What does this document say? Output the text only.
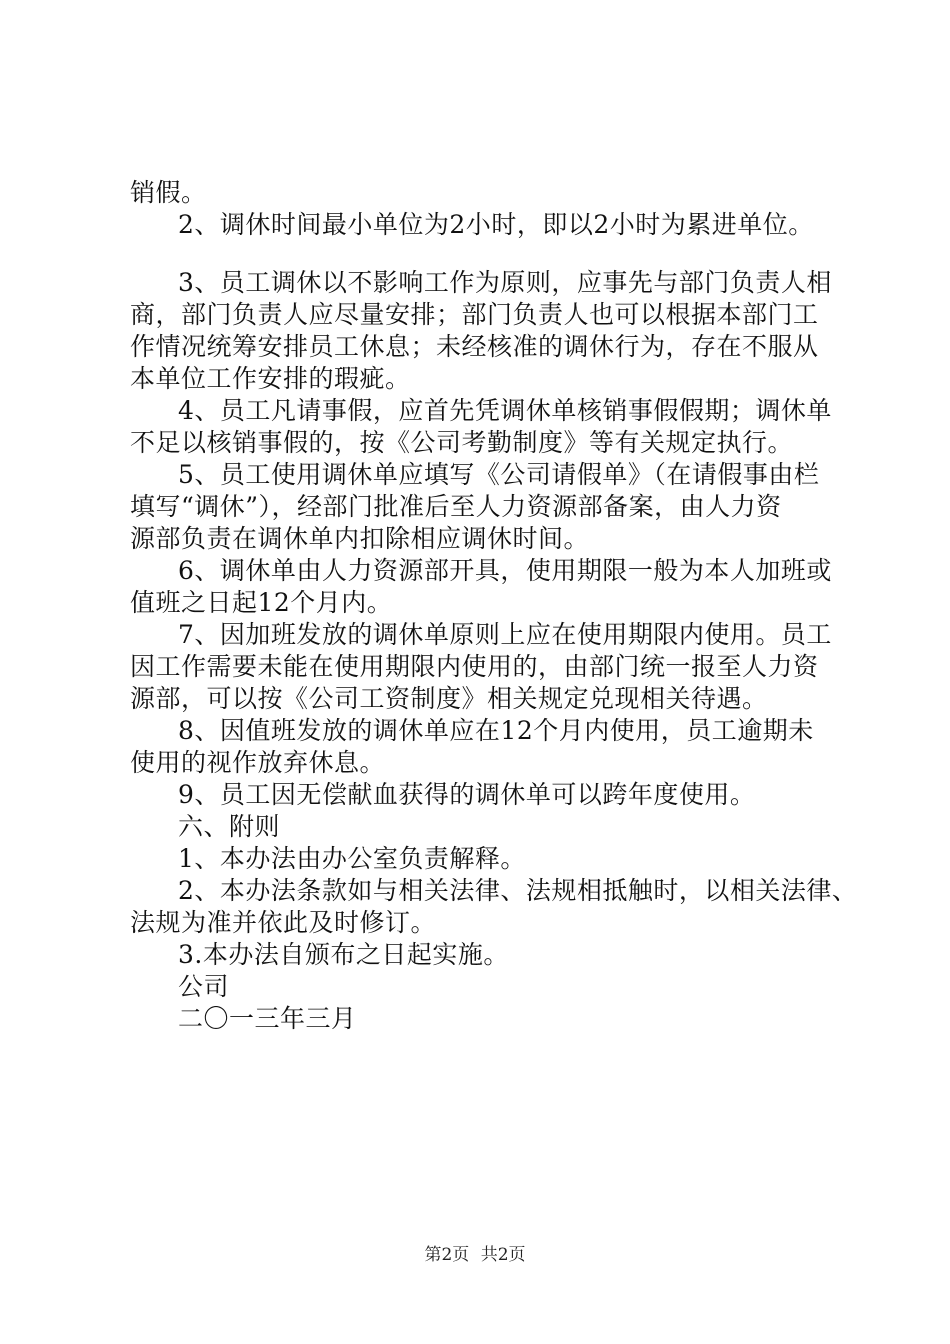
销假。
2、调休时间最小单位为2小时，即以2小时为累进单位。
3、员工调休以不影响工作为原则，应事先与部门负责人相
商，部门负责人应尽量安排；部门负责人也可以根据本部门工
作情况统筹安排员工休息；未经核准的调休行为，存在不服从
本单位工作安排的瑕疵。
4、员工凡请事假，应首先凭调休单核销事假假期；调休单
不足以核销事假的，按《公司考勤制度》等有关规定执行。
5、员工使用调休单应填写《公司请假单》（在请假事由栏
填写“调休”），经部门批准后至人力资源部备案，由人力资
源部负责在调休单内扣除相应调休时间。
6、调休单由人力资源部开具，使用期限一般为本人加班或
值班之日起12个月内。
7、因加班发放的调休单原则上应在使用期限内使用。员工
因工作需要未能在使用期限内使用的，由部门统一报至人力资
源部，可以按《公司工资制度》相关规定兑现相关待遇。
8、因值班发放的调休单应在12个月内使用，员工逾期未
使用的视作放弃休息。
9、员工因无偿献血获得的调休单可以跨年度使用。
六、附则
1、本办法由办公室负责解释。
2、本办法条款如与相关法律、法规相抵触时，以相关法律、
法规为准并依此及时修订。
3.本办法自颁布之日起实施。
公司
二〇一三年三月
第2页 共2页
